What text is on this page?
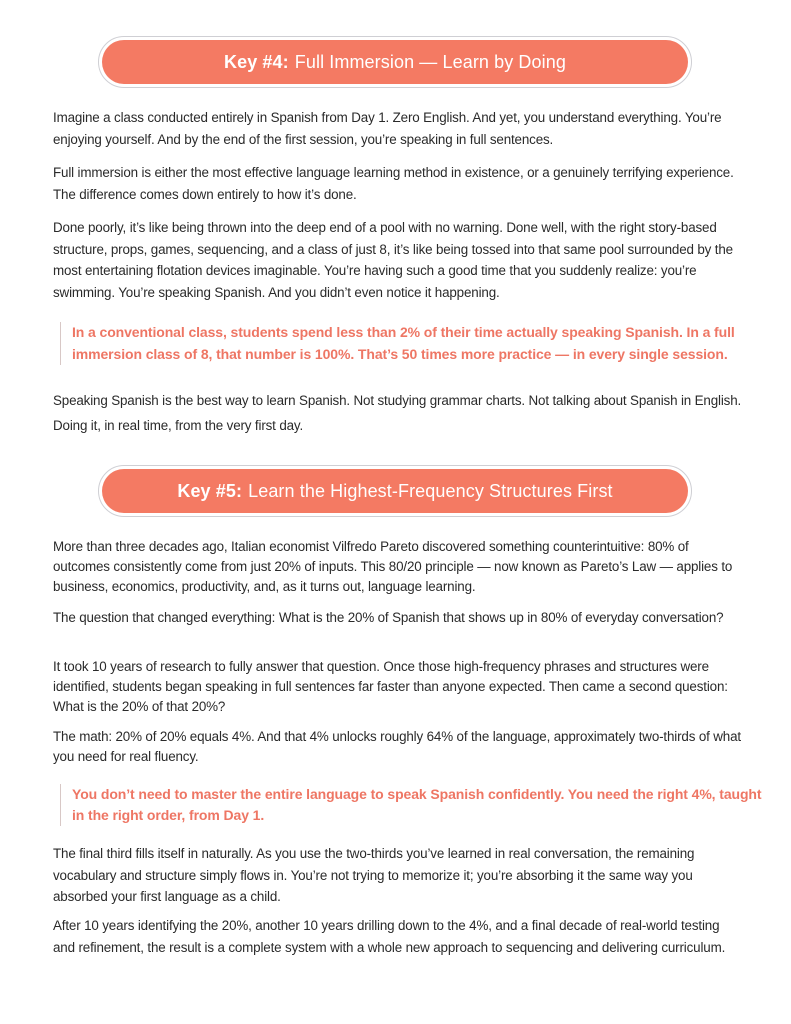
Key #4: Full Immersion — Learn by Doing

Imagine a class conducted entirely in Spanish from Day 1. Zero English. And yet, you understand everything. You’re enjoying yourself. And by the end of the first session, you’re speaking in full sentences.

Full immersion is either the most effective language learning method in existence, or a genuinely terrifying experience. The difference comes down entirely to how it’s done.

Done poorly, it’s like being thrown into the deep end of a pool with no warning. Done well, with the right story-based structure, props, games, sequencing, and a class of just 8, it’s like being tossed into that same pool surrounded by the most entertaining flotation devices imaginable. You’re having such a good time that you suddenly realize: you’re swimming. You’re speaking Spanish. And you didn’t even notice it happening.

In a conventional class, students spend less than 2% of their time actually speaking Spanish. In a full immersion class of 8, that number is 100%. That’s 50 times more practice — in every single session.

Speaking Spanish is the best way to learn Spanish. Not studying grammar charts. Not talking about Spanish in English. Doing it, in real time, from the very first day.

Key #5: Learn the Highest-Frequency Structures First

More than three decades ago, Italian economist Vilfredo Pareto discovered something counterintuitive: 80% of outcomes consistently come from just 20% of inputs. This 80/20 principle — now known as Pareto’s Law — applies to business, economics, productivity, and, as it turns out, language learning.

The question that changed everything: What is the 20% of Spanish that shows up in 80% of everyday conversation?

It took 10 years of research to fully answer that question. Once those high-frequency phrases and structures were identified, students began speaking in full sentences far faster than anyone expected. Then came a second question: What is the 20% of that 20%?

The math: 20% of 20% equals 4%. And that 4% unlocks roughly 64% of the language, approximately two-thirds of what you need for real fluency.

You don’t need to master the entire language to speak Spanish confidently. You need the right 4%, taught in the right order, from Day 1.

The final third fills itself in naturally. As you use the two-thirds you’ve learned in real conversation, the remaining vocabulary and structure simply flows in. You’re not trying to memorize it; you’re absorbing it the same way you absorbed your first language as a child.

After 10 years identifying the 20%, another 10 years drilling down to the 4%, and a final decade of real-world testing and refinement, the result is a complete system with a whole new approach to sequencing and delivering curriculum.
